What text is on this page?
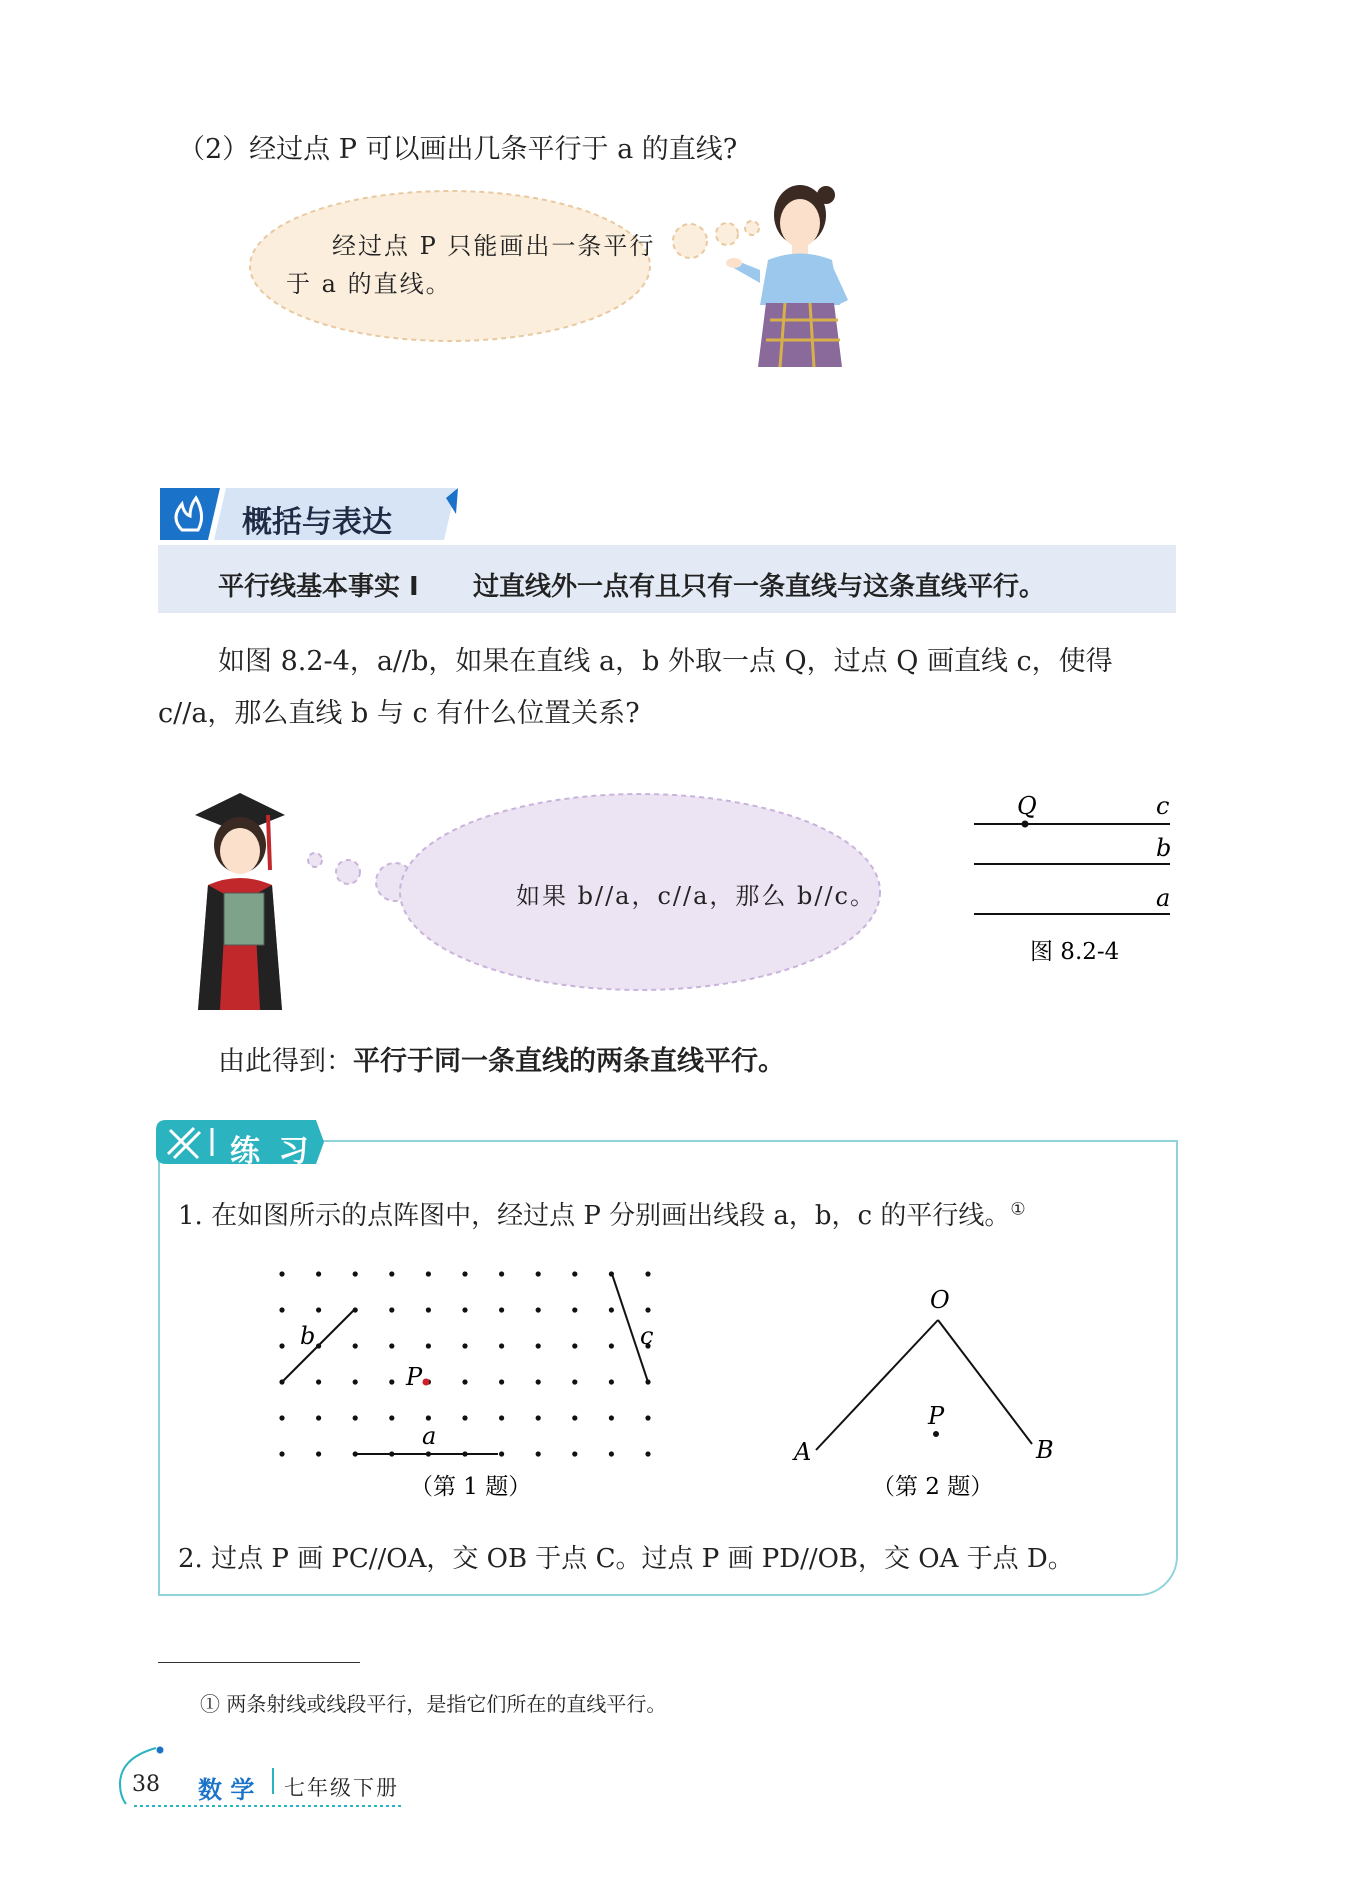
（2）经过点 P 可以画出几条平行于 a 的直线?
经过点 P 只能画出一条平行
于 a 的直线。
概括与表达
平行线基本事实 Ⅰ 过直线外一点有且只有一条直线与这条直线平行。
如图 8.2-4，a//b，如果在直线 a，b 外取一点 Q，过点 Q 画直线 c，使得
c//a，那么直线 b 与 c 有什么位置关系?
如果 b//a，c//a，那么 b//c。
Q	c
b
a
图 8.2-4
由此得到：平行于同一条直线的两条直线平行。
练 习
1. 在如图所示的点阵图中，经过点 P 分别画出线段 a，b，c 的平行线。①
b	c
P
a
（第 1 题）
O
A	B
P
（第 2 题）
2. 过点 P 画 PC//OA，交 OB 于点 C。过点 P 画 PD//OB，交 OA 于点 D。
① 两条射线或线段平行，是指它们所在的直线平行。
38 数 学 七年级下册
